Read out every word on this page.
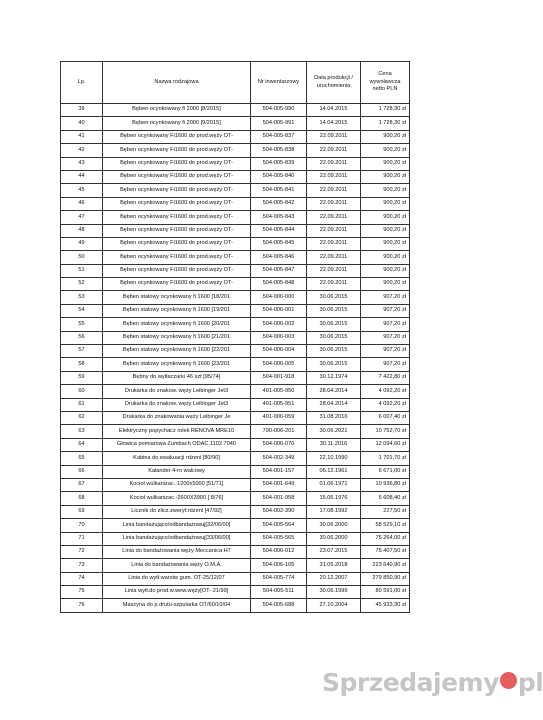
Lp.	Nazwa rodzajowa	Nr inwentarzowy	Data produkcji / uruchomienia	Cena wywoławcza netto PLN
39	Bęben ocynkowany fi 2000 [8/2015]	504-005-990	14.04.2015	1 728,30 zł
40	Bęben ocynkowany fi 2000 [9/2015]	504-005-991	14.04.2015	1 728,30 zł
41	Bęben ocynkowany Fi1600 do prod.węży OT-	504-005-837	22.09.2011	900,20 zł
42	Bęben ocynkowany Fi1600 do prod.węży OT-	504-005-838	22.09.2011	900,20 zł
43	Bęben ocynkowany Fi1600 do prod.węży OT-	504-005-839	22.09.2011	900,20 zł
44	Bęben ocynkowany Fi1600 do prod.węży OT-	504-005-840	22.09.2011	900,20 zł
45	Bęben ocynkowany Fi1600 do prod.węży OT-	504-005-841	22.09.2011	900,20 zł
46	Bęben ocynkowany Fi1600 do prod.węży OT-	504-005-842	22.09.2011	900,20 zł
47	Bęben ocynkowany Fi1600 do prod.węży OT-	504-005-843	22.09.2011	900,20 zł
48	Bęben ocynkowany Fi1600 do prod.węży OT-	504-005-844	22.09.2011	900,20 zł
49	Bęben ocynkowany Fi1600 do prod.węży OT-	504-005-845	22.09.2011	900,20 zł
50	Bęben ocynkowany Fi1600 do prod.węży OT-	504-005-846	22.09.2011	900,20 zł
51	Bęben ocynkowany Fi1600 do prod.węży OT-	504-005-847	22.09.2011	900,20 zł
52	Bęben ocynkowany Fi1600 do prod.węży OT-	504-005-848	22.09.2011	900,20 zł
53	Bęben stalowy ocynkowany fi 1600 [18/201	504-006-000	30.06.2015	907,20 zł
54	Bęben stalowy ocynkowany fi 1600 [19/201	504-006-001	30.06.2015	907,20 zł
55	Bęben stalowy ocynkowany fi 1600 [20/201	504-006-002	30.06.2015	907,20 zł
56	Bęben stalowy ocynkowany fi 1600 [21/201	504-006-003	30.06.2015	907,20 zł
57	Bęben stalowy ocynkowany fi 1600 [22/201	504-006-004	30.06.2015	907,20 zł
58	Bęben stalowy ocynkowany fi 1600 [23/201	504-006-005	30.06.2015	907,20 zł
59	Bębny do wytłaczarki 46 szt [95/74]	504-001-918	30.12.1974	7 422,80 zł
60	Drukarka do znakow. węży Leibinger Jet3	491-005-950	28.04.2014	4 092,20 zł
61	Drukarka do znakow. węży Leibinger Jet3	491-005-951	28.04.2014	4 092,20 zł
62	Drukarka do znakowania węży Leibinger Je	491-006-059	31.08.2016	6 007,40 zł
63	Elektryczny popychacz rolek RENOVA MRE10	790-006-201	30.06.2021	10 752,70 zł
64	Głowica pomiarowa Zumbach ODAC.1102.7040	504-006-070	30.11.2016	12 094,60 zł
65	Kabina do ewakuacji rdzeni [80/90]	504-002-349	22.10.1990	1 701,70 zł
66	Kalander 4-ro walcowy	504-001-157	06.12.1961	6 671,00 zł
67	Kocioł wulkanizac.-1200x5000 [51/71]	504-001-649	01.06.1971	10 936,80 zł
68	Kocioł wulkanizac.-2600X3900 [ 8/76]	504-001-958	15.06.1976	5 608,40 zł
69	Licznik do zlicz.zweryf.rdzeni [47/92]	504-002-390	17.08.1992	227,50 zł
70	Linia bandażująco/odbandażowuj[32/06/00]	504-005-564	30.06.2000	58 529,10 zł
71	Linia bandażująco/odbandażowuj[33/06/00]	504-005-565	30.06.2000	75 264,00 zł
72	Linia do bandażowania węży Meccanica H7	504-006-012	23.07.2015	75 407,50 zł
73	Linia do bandażowania węży O.M.A.	504-006-105	31.05.2018	223 640,90 zł
74	Linia do wytł.warstw gum. OT-25/12/07	504-005-774	20.12.2007	279 850,90 zł
75	Linia wytł.do prod.w.wew.węży[OT- 21/99]	504-005-511	30.06.1999	80 591,00 zł
76	Maszyna do p.drutu-szpularka OT/60/10/04	504-005-688	27.10.2004	45 933,30 zł
Sprzedajemy pl
